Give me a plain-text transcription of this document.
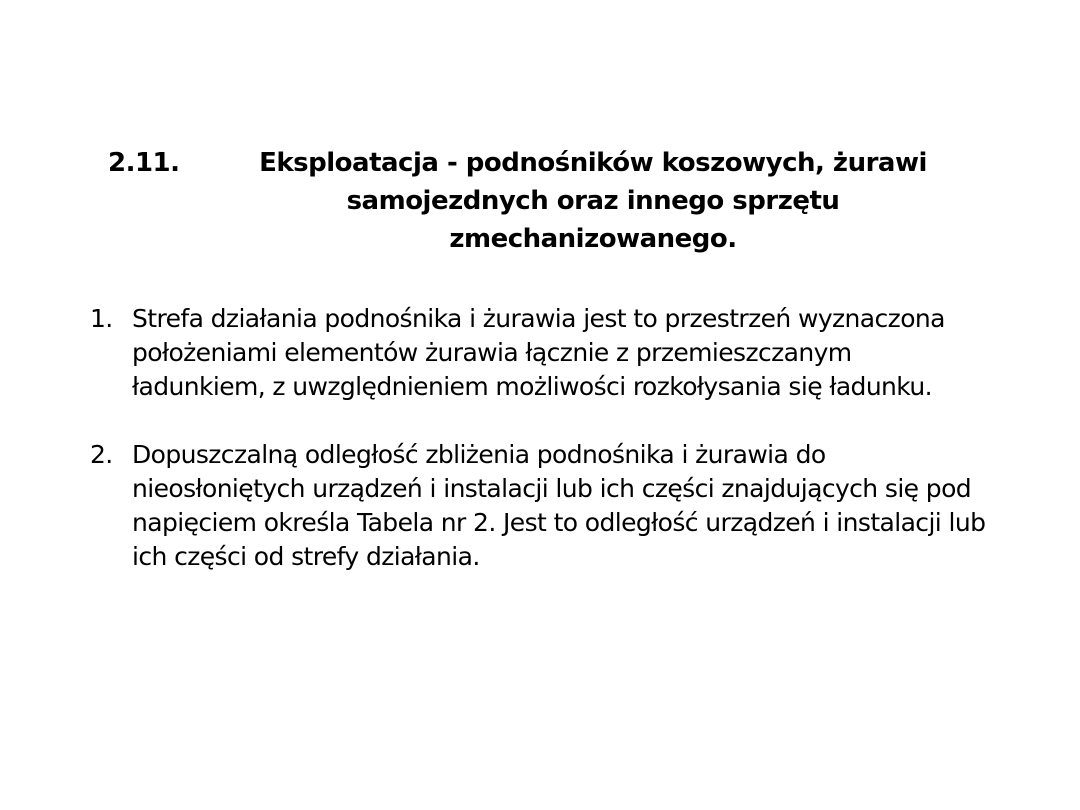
2.11.	Eksploatacja - podnośników koszowych, żurawi samojezdnych oraz innego sprzętu zmechanizowanego.
1. Strefa działania podnośnika i żurawia jest to przestrzeń wyznaczona położeniami elementów żurawia łącznie z przemieszczanym ładunkiem, z uwzględnieniem możliwości rozkołysania się ładunku.
2. Dopuszczalną odległość zbliżenia podnośnika i żurawia do nieosłoniętych urządzeń i instalacji lub ich części znajdujących się pod napięciem określa Tabela nr 2. Jest to odległość urządzeń i instalacji lub ich części od strefy działania.
